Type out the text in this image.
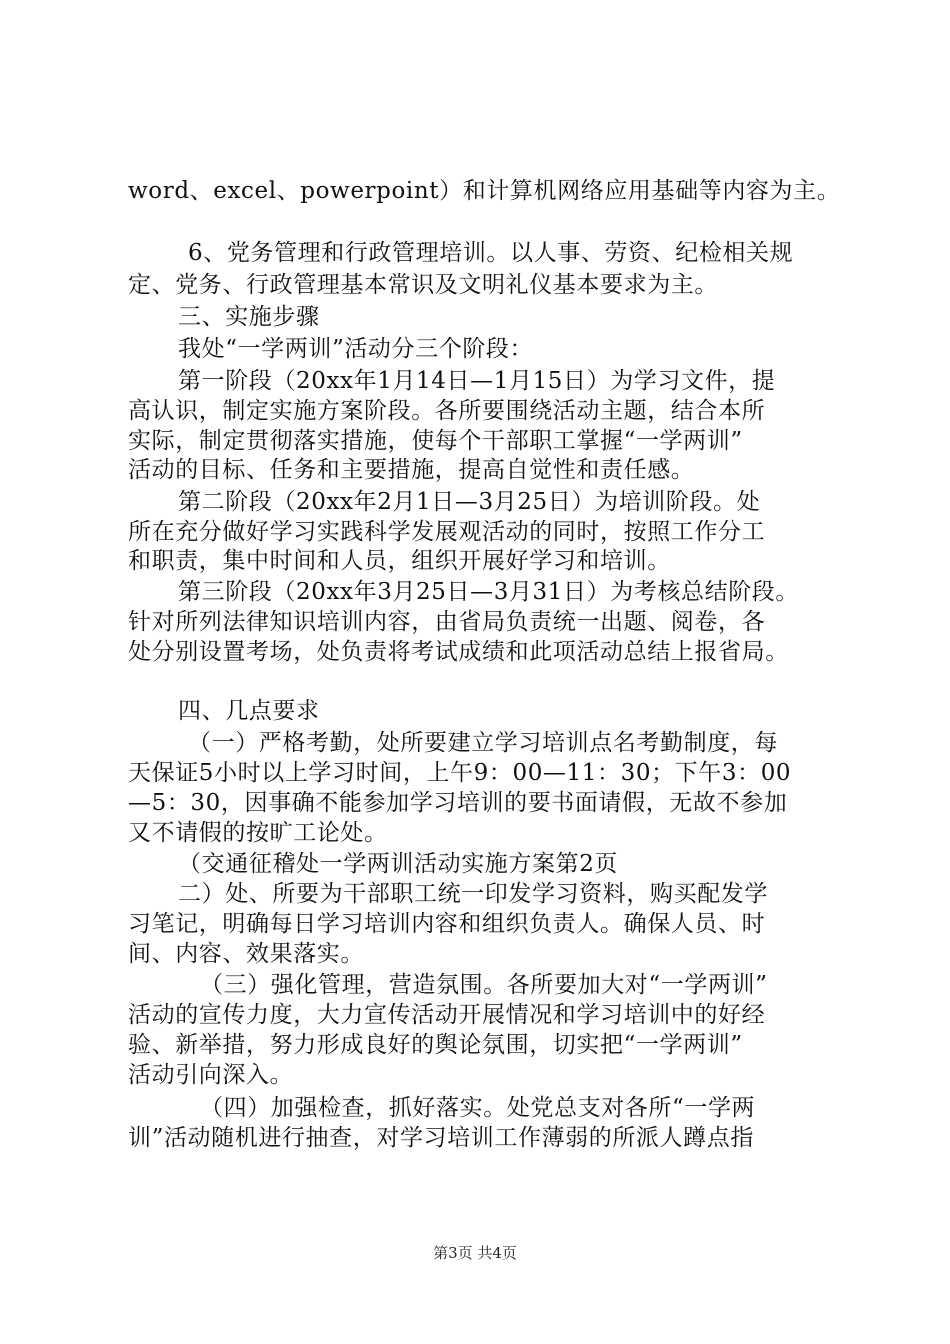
word、excel、powerpoint）和计算机网络应用基础等内容为主。
6、党务管理和行政管理培训。以人事、劳资、纪检相关规
定、党务、行政管理基本常识及文明礼仪基本要求为主。
三、实施步骤
我处“一学两训”活动分三个阶段：
第一阶段（20xx年1月14日—1月15日）为学习文件，提
高认识，制定实施方案阶段。各所要围绕活动主题，结合本所
实际，制定贯彻落实措施，使每个干部职工掌握“一学两训”
活动的目标、任务和主要措施，提高自觉性和责任感。
第二阶段（20xx年2月1日—3月25日）为培训阶段。处
所在充分做好学习实践科学发展观活动的同时，按照工作分工
和职责，集中时间和人员，组织开展好学习和培训。
第三阶段（20xx年3月25日—3月31日）为考核总结阶段。
针对所列法律知识培训内容，由省局负责统一出题、阅卷，各
处分别设置考场，处负责将考试成绩和此项活动总结上报省局。
四、几点要求
（一）严格考勤，处所要建立学习培训点名考勤制度，每
天保证5小时以上学习时间，上午9：00—11：30；下午3：00
—5：30，因事确不能参加学习培训的要书面请假，无故不参加
又不请假的按旷工论处。
（交通征稽处一学两训活动实施方案第2页
二）处、所要为干部职工统一印发学习资料，购买配发学
习笔记，明确每日学习培训内容和组织负责人。确保人员、时
间、内容、效果落实。
（三）强化管理，营造氛围。各所要加大对“一学两训”
活动的宣传力度，大力宣传活动开展情况和学习培训中的好经
验、新举措，努力形成良好的舆论氛围，切实把“一学两训”
活动引向深入。
（四）加强检查，抓好落实。处党总支对各所“一学两
训”活动随机进行抽查，对学习培训工作薄弱的所派人蹲点指
第3页 共4页
